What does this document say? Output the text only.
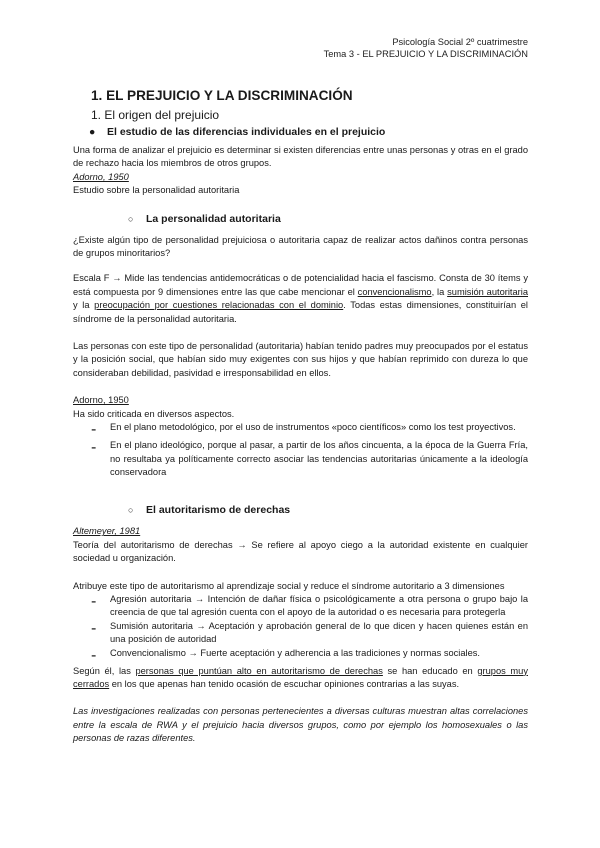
Psicología Social 2º cuatrimestre
Tema 3 - EL PREJUICIO Y LA DISCRIMINACIÓN
1. EL PREJUICIO Y LA DISCRIMINACIÓN
1. El origen del prejuicio
●	El estudio de las diferencias individuales en el prejuicio

Una forma de analizar el prejuicio es determinar si existen diferencias entre unas personas y otras en el grado de rechazo hacia los miembros de otros grupos.

Adorno, 1950

Estudio sobre la personalidad autoritaria

○	La personalidad autoritaria

¿Existe algún tipo de personalidad prejuiciosa o autoritaria capaz de realizar actos dañinos contra personas de grupos minoritarios?

Escala F → Mide las tendencias antidemocráticas o de potencialidad hacia el fascismo. Consta de 30 ítems y está compuesta por 9 dimensiones entre las que cabe mencionar el convencionalismo, la sumisión autoritaria y la preocupación por cuestiones relacionadas con el dominio. Todas estas dimensiones, constituirían el síndrome de la personalidad autoritaria.

Las personas con este tipo de personalidad (autoritaria) habían tenido padres muy preocupados por el estatus y la posición social, que habían sido muy exigentes con sus hijos y que habían reprimido con dureza lo que consideraban debilidad, pasividad e irresponsabilidad en ellos.

Adorno, 1950

Ha sido criticada en diversos aspectos.

-	En el plano metodológico, por el uso de instrumentos «poco científicos» como los test proyectivos.

-	En el plano ideológico, porque al pasar, a partir de los años cincuenta, a la época de la Guerra Fría, no resultaba ya políticamente correcto asociar las tendencias autoritarias únicamente a la ideología conservadora

○	El autoritarismo de derechas

Altemeyer, 1981

Teoría del autoritarismo de derechas → Se refiere al apoyo ciego a la autoridad existente en cualquier sociedad u organización.

Atribuye este tipo de autoritarismo al aprendizaje social y reduce el síndrome autoritario a 3 dimensiones

-	Agresión autoritaria → Intención de dañar física o psicológicamente a otra persona o grupo bajo la creencia de que tal agresión cuenta con el apoyo de la autoridad o es necesaria para protegerla

-	Sumisión autoritaria → Aceptación y aprobación general de lo que dicen y hacen quienes están en una posición de autoridad

-	Convencionalismo → Fuerte aceptación y adherencia a las tradiciones y normas sociales.

Según él, las personas que puntúan alto en autoritarismo de derechas se han educado en grupos muy cerrados en los que apenas han tenido ocasión de escuchar opiniones contrarias a las suyas.

Las investigaciones realizadas con personas pertenecientes a diversas culturas muestran altas correlaciones entre la escala de RWA y el prejuicio hacia diversos grupos, como por ejemplo los homosexuales o las personas de razas diferentes.
